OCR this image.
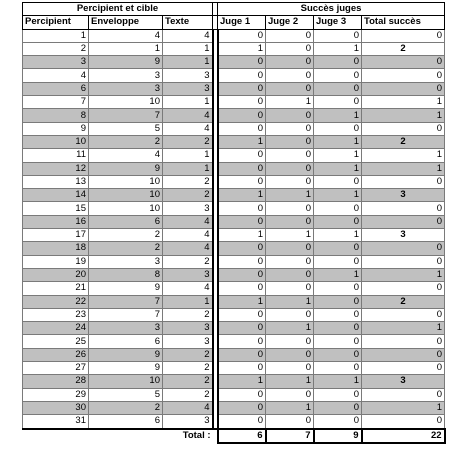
Percipient et cible				Succès juges			
Percipient	Enveloppe	Texte		Juge 1	Juge 2	Juge 3	Total succès
1	4	4		0	0	0	0
2	1	1		1	0	1	2
3	9	1		0	0	0	0
4	3	3		0	0	0	0
6	3	3		0	0	0	0
7	10	1		0	1	0	1
8	7	4		0	0	1	1
9	5	4		0	0	0	0
10	2	2		1	0	1	2
11	4	1		0	0	1	1
12	9	1		0	0	1	1
13	10	2		0	0	0	0
14	10	2		1	1	1	3
15	10	3		0	0	0	0
16	6	4		0	0	0	0
17	2	4		1	1	1	3
18	2	4		0	0	0	0
19	3	2		0	0	0	0
20	8	3		0	0	1	1
21	9	4		0	0	0	0
22	7	1		1	1	0	2
23	7	2		0	0	0	0
24	3	3		0	1	0	1
25	6	3		0	0	0	0
26	9	2		0	0	0	0
27	9	2		0	0	0	0
28	10	2		1	1	1	3
29	5	2		0	0	0	0
30	2	4		0	1	0	1
31	6	3		0	0	0	0
		Total :		6	7	9	22
